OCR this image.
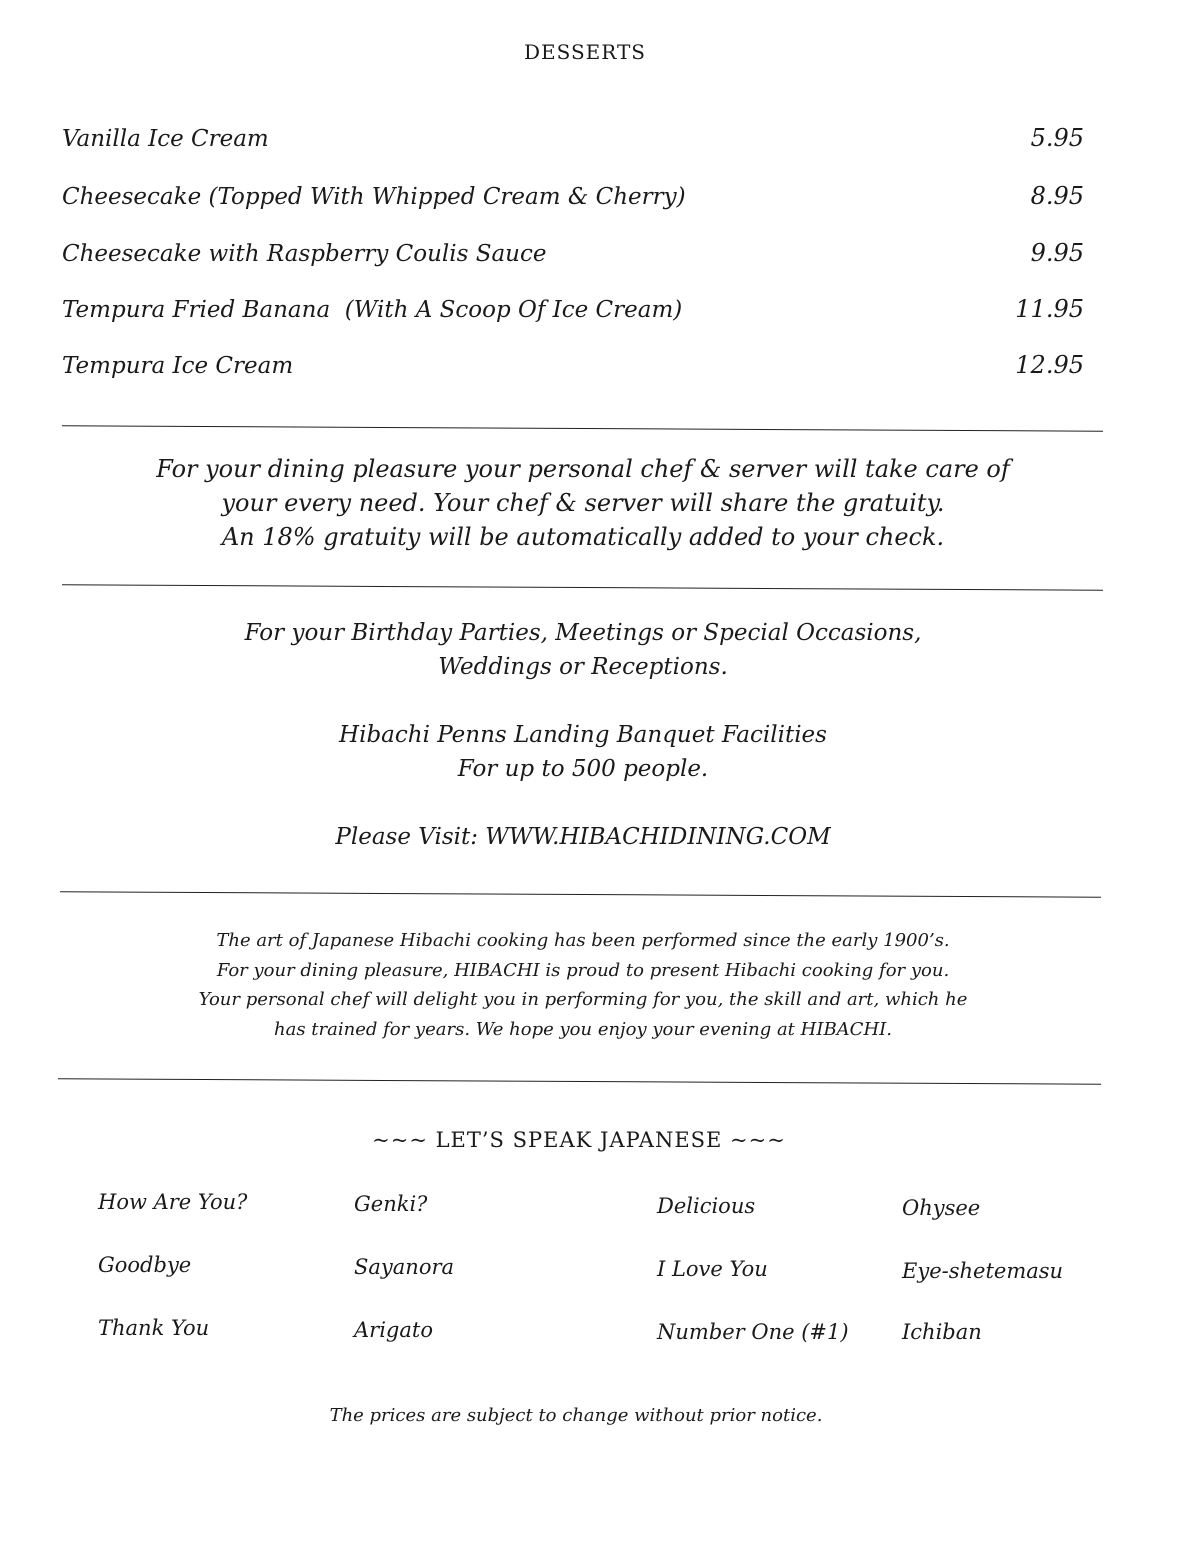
DESSERTS
Vanilla Ice Cream	5.95
Cheesecake (Topped With Whipped Cream & Cherry)	8.95
Cheesecake with Raspberry Coulis Sauce	9.95
Tempura Fried Banana  (With A Scoop Of Ice Cream)	11.95
Tempura Ice Cream	12.95
For your dining pleasure your personal chef & server will take care of
your every need. Your chef & server will share the gratuity.
An 18% gratuity will be automatically added to your check.
For your Birthday Parties, Meetings or Special Occasions,
Weddings or Receptions.
Hibachi Penns Landing Banquet Facilities
For up to 500 people.
Please Visit: WWW.HIBACHIDINING.COM
The art of Japanese Hibachi cooking has been performed since the early 1900’s.
For your dining pleasure, HIBACHI is proud to present Hibachi cooking for you.
Your personal chef will delight you in performing for you, the skill and art, which he
has trained for years. We hope you enjoy your evening at HIBACHI.
~~~ LET’S SPEAK JAPANESE ~~~
How Are You?	Genki?	Delicious	Ohysee
Goodbye	Sayanora	I Love You	Eye-shetemasu
Thank You	Arigato	Number One (#1)	Ichiban
The prices are subject to change without prior notice.
